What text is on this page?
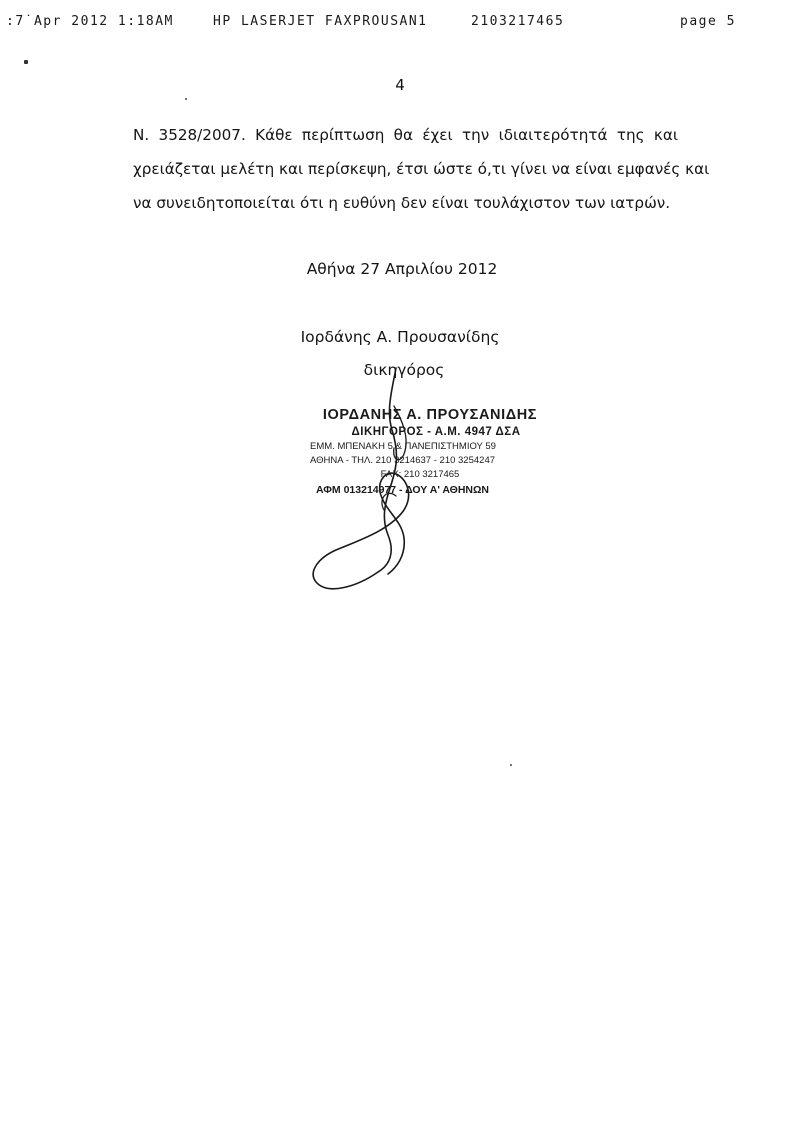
:7˙Apr 2012 1:18AM	HP LASERJET FAXPROUSAN1	2103217465	page 5
4
N. 3528/2007. Κάθε περίπτωση θα έχει την ιδιαιτερότητά της και
χρειάζεται μελέτη και περίσκεψη, έτσι ώστε ό,τι γίνει να είναι εμφανές και
να συνειδητοποιείται ότι η ευθύνη δεν είναι τουλάχιστον των ιατρών.
Αθήνα 27 Απριλίου 2012
Ιορδάνης Α. Προυσανίδης
δικηγόρος
ΙΟΡΔΑΝΗΣ Α. ΠΡΟΥΣΑΝΙΔΗΣ
ΔΙΚΗΓΟΡΟΣ - Α.Μ. 4947 ΔΣΑ
ΕΜΜ. ΜΠΕΝΑΚΗ 5 & ΠΑΝΕΠΙΣΤΗΜΙΟΥ 59
ΑΘΗΝΑ - ΤΗΛ. 210 3214637 - 210 3254247
FAX: 210 3217465
ΑΦΜ 013214977 - ΔΟΥ Α' ΑΘΗΝΩΝ
